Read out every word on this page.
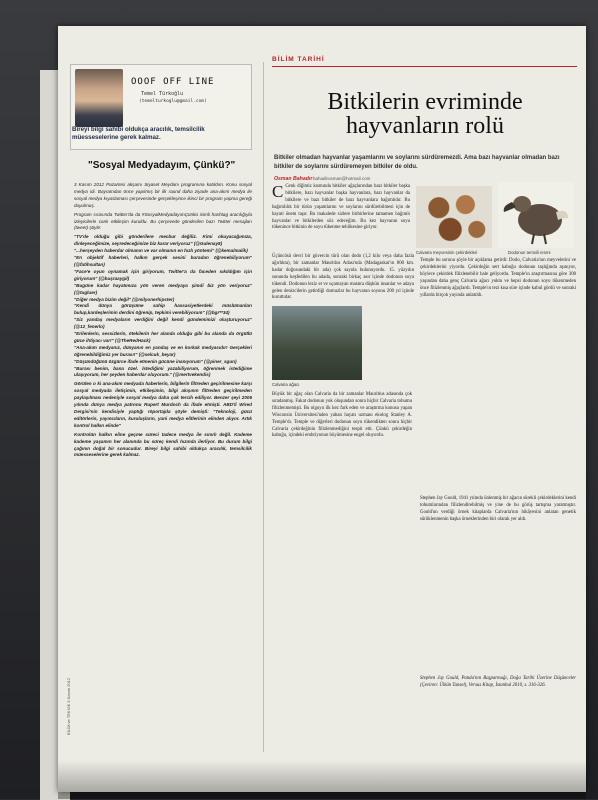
OOOF OFF LINE
Temel Türkoğlu
(temelturkoglu@gmail.com)
Bireyi bilgi sahibi oldukça aracılık, temsilcilik müesseselerine gerek kalmaz.
"Sosyal Medyadayım, Çünkü?"

3 Kasım 2012 Pazartesi akşamı Siyaset Meydanı programına katıldım. Konu sosyal medya idi. Bayramdan önce yapılmış bir ilk raund daha ziyade ana-akım medya ile sosyal medya kıyaslaması çerçevesinde gerçekleşince ikinci bir program yapma gereği duyulmuş.

Program sırasında Twitter'da da #SosyalMedyadayımÇünkü isimli hashtag aracılığıyla izleyicilerle canlı etkileşim kuruldu. Bu çerçevede gönderilen bazı Twitter mesajları (tweet) şöyle:

"TV'de olduğu gibi gönderilere mecbur değiliz. Kimi okuyacağımıza, dinleyeceğimize, seyredeceğimize biz karar veriyoruz" (@Gulenay8)

"...herşeyden haberdar olmanın ve var olmanın en hızlı yöntemi" (@kemalmalik)

"En objektif haberleri, halkın gerçek sesini buradan öğrenebiliyorum" (@fatihsultan)

"Face'e oyun oynamak için giriyorum, Twitter'a da faceden sıkıldığım için giriyorum" (@buşraaygil)

"Bugüne kadar hayatımıza yön veren medyaya şimdi biz yön veriyoruz" (@tugluer)

"Diğer medya bizim değil" (@milyonerhipster)

"Kendi dünya görüşüme sahip hassasiyetlerdeki müslümanları bulup,kardeşlerimin derdini öğrenip, tepkimi verebiliyorum" (@bgr**34)

"Siz yandaş medyaların verdiğini değil kendi gündemimizi oluşturuyoruz" (@12_fenerlo)

"Erilenlerin, sessizlerin, ötekilerin her alanda olduğu gibi bu alanda da örgütlü güce ihtiyacı var!" (@TheRedHack)

"Ana-akım medyanız, dünyanın en yandaş ve en korkak medyasıdır! Gerçekleri öğrenebildiğimiz yer burası!" (@selcuk_beyar)

"Düşündüğünü özgürce ifade etmenin gücüne inanıyorum" (@piner_sgun)

"Burası benim, bana özel. İstediğimi yazabiliyorum, öğrenmek istediğime ulaşıyorum, her şeyden haberdar oluyorum." (@mertvekendis)

Görülen o ki ana-akım medyada haberlerin, bilgilerin filtreden geçirilmesine karşı sosyal medyada iletişimin, etkileşimin, bilgi akışının filtreden geçirilmeden paylaşılması nedeniyle sosyal medya daha çok tercih ediliyor. Benzer şeyi 2006 yılında dünya medya patronu Rupert Murdoch da ifade etmişti. ABD'li Wired Dergisi'nin kendisiyle yaptığı röportajda şöyle demişti: "Teknoloji, gücü editörlerin, yayıncıların, kuruluşların, yani medya elitlerinin elinden alıyor. Artık kontrol halkın elinde"

Kontrolün halkın eline geçme süreci tadece medya ile sınırlı değil. Kademe kademe yaşamın her alanında bu süreç kendi hızında ilerliyor. Bu durum bilgi çağının doğal bir sonucudur. Bireyi bilgi sahibi oldukça aracılık, temsilcilik müesseselerine gerek kalmaz.

BİLİM TARİHİ
Bitkilerin evriminde
hayvanların rolü
Bitkiler olmadan hayvanlar yaşamlarını ve soylarını sürdüremezdi. Ama bazı hayvanlar olmadan bazı bitkiler de soylarını sürdüremeyen bitkiler de oldu.
Osman Bahadır bahadirosman@hotmail.com
Calvaria meyvesinin çekirdekleri	Dodonun temsili resmi
C Cenk diğimiz kısmında bitkiler ağaçlarından bazı bitkiler başka bitkilere, bazı hayvanlar başka hayvanlara, bazı hayvanlar da bitkilere ve bazı bitkiler de bazı hayvanlara bağımlıdır. Bu bağımlılık bir türün yaşamlarını ve soylarını sürdürebilmesi için de hayati önem taşır. Bu makalede sizlere birbirlerine tamamen bağımlı hayvanlar ve bitkilerden söz edeceğim. Bu kez hayvanın soyu tükenince bitkinin de soyu tükenme tehlikesine giriyor.
Üçüncüsü devri bir güvercin türü olan dodo (1,2 kilo veya daha fazla ağırlıkta), bir zamanlar Mauritius Adası'nda (Madagaskar'ın 800 km. kadar doğusundaki bir ada) çok sayıda bulunuyordu. 15. yüzyılın sonunda keşfedilen bu adada, sonraki birkaç asır içinde dodonun soyu tükendi. Dodonun leziz et ve uçamayan mastıra düşkün insanlar ve adaya gelen denizcilerin getirdiği domuzlar bu hayvanın soyunu 200 yıl içinde kuruttular.
Calvaria ağacı
Büyük bir ağaç olan Calvaria da bir zamanlar Mauritius adasında çok sıradanmış. Fakat dodonun yok oluşundan sonra hiçbir Calvaria tohumu filizlenmemişti. Bu olguyu ilk kez fark eden ve araştırma konusu yapan Wisconsin Üniversitesi'nden yaban hayatı uzmanı ekolog Stanley A. Temple'dı. Temple ve diğerleri dodonun soyu tükendikten sonra hiçbir Calvaria çekirdeğinin filizlenmediğini tespit etti. Çünkü çekirdeğin kabuğu, içindeki embriyonun büyümesine engel oluyordu.
Temple bu sorunu şöyle bir açıklama getirdi: Dodo, Calvaria'nın meyvelerini ve çekirdeklerini yiyordu. Çekirdeğin sert kabuğu dodonun taşlığında aşınıyor, böylece çekirdek filizlenebilir hale geliyordu. Temple'ın araştırmasına göre 300 yaşından daha genç Calvaria ağacı yoktu ve hepsi dodonun soyu tükenmeden önce filizlenmiş ağaçlardı. Temple'ın tezi kısa süre içinde kabul gördü ve sonraki yıllarda birçok yayında anlatıldı.
Stephen Jay Gould, 1941 yılında ünlenmiş bir ağacın sürekli çekirdeklerini kendi tohumlarından filizlendirebilmiş ve yine de bu görüş tartışma yaratmıştır. Gould'un verdiği örnek kitaplarda Calvaria'nın hikâyesini anlatan genetik sürüklenmenin başka örneklerinden biri olarak yer aldı.
Stephen Jay Gould, Panda'nın Başparmağı, Doğa Tarihi Üzerine Düşünceler (Çeviren: Ülkün Tansel), Versus Kitap, İstanbul 2010, s. 316-326.
BİLİM ve TEKNİK 9 Kasım 2012
